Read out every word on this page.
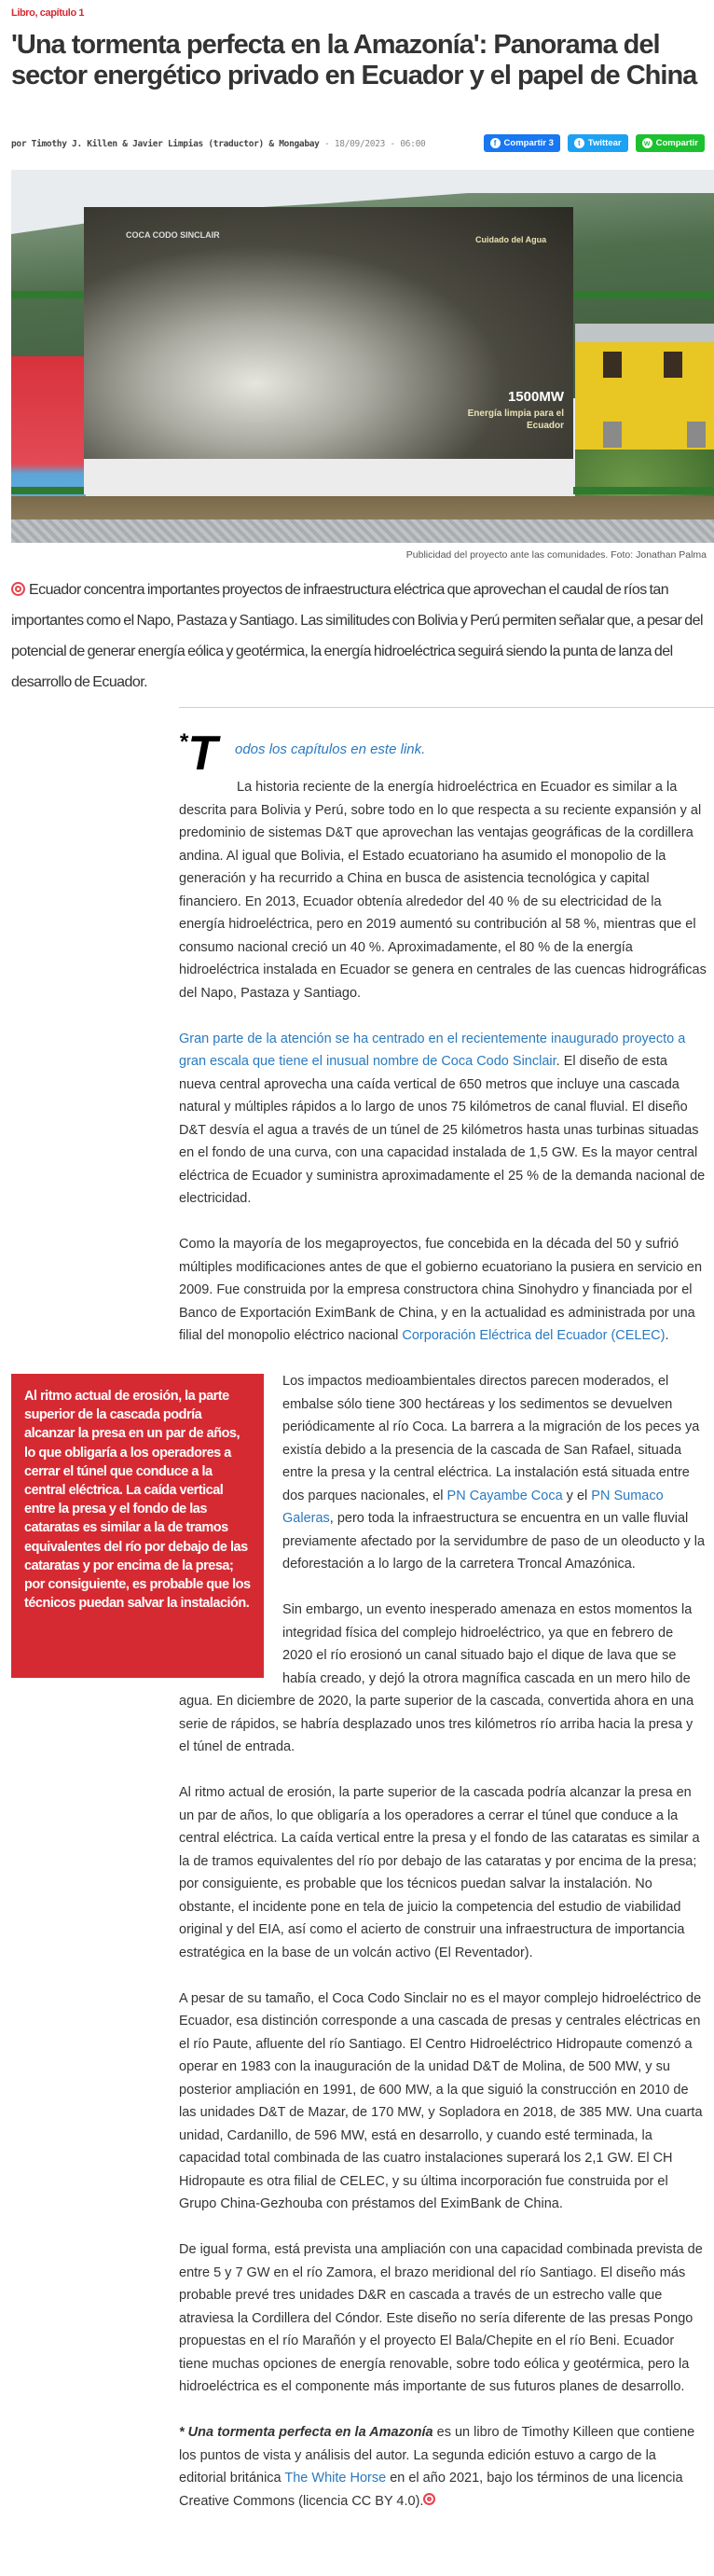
Libro, capítulo 1
'Una tormenta perfecta en la Amazonía': Panorama del sector energético privado en Ecuador y el papel de China
por Timothy J. Killen & Javier Limpias (traductor) & Mongabay - 18/09/2023 - 06:00	f Compartir 3	t Twittear	w Compartir
COCA CODO SINCLAIR	Cuidado del Agua
1500MW
Energía limpia para el Ecuador
Publicidad del proyecto ante las comunidades. Foto: Jonathan Palma

Ecuador concentra importantes proyectos de infraestructura eléctrica que aprovechan el caudal de ríos tan importantes como el Napo, Pastaza y Santiago. Las similitudes con Bolivia y Perú permiten señalar que, a pesar del potencial de generar energía eólica y geotérmica, la energía hidroeléctrica seguirá siendo la punta de lanza del desarrollo de Ecuador.

*T odos los capítulos en este link.

La historia reciente de la energía hidroeléctrica en Ecuador es similar a la descrita para Bolivia y Perú, sobre todo en lo que respecta a su reciente expansión y al predominio de sistemas D&T que aprovechan las ventajas geográficas de la cordillera andina. Al igual que Bolivia, el Estado ecuatoriano ha asumido el monopolio de la generación y ha recurrido a China en busca de asistencia tecnológica y capital financiero. En 2013, Ecuador obtenía alrededor del 40 % de su electricidad de la energía hidroeléctrica, pero en 2019 aumentó su contribución al 58 %, mientras que el consumo nacional creció un 40 %. Aproximadamente, el 80 % de la energía hidroeléctrica instalada en Ecuador se genera en centrales de las cuencas hidrográficas del Napo, Pastaza y Santiago.

Gran parte de la atención se ha centrado en el recientemente inaugurado proyecto a gran escala que tiene el inusual nombre de Coca Codo Sinclair. El diseño de esta nueva central aprovecha una caída vertical de 650 metros que incluye una cascada natural y múltiples rápidos a lo largo de unos 75 kilómetros de canal fluvial. El diseño D&T desvía el agua a través de un túnel de 25 kilómetros hasta unas turbinas situadas en el fondo de una curva, con una capacidad instalada de 1,5 GW. Es la mayor central eléctrica de Ecuador y suministra aproximadamente el 25 % de la demanda nacional de electricidad.

Como la mayoría de los megaproyectos, fue concebida en la década del 50 y sufrió múltiples modificaciones antes de que el gobierno ecuatoriano la pusiera en servicio en 2009. Fue construida por la empresa constructora china Sinohydro y financiada por el Banco de Exportación EximBank de China, y en la actualidad es administrada por una filial del monopolio eléctrico nacional Corporación Eléctrica del Ecuador (CELEC).

Al ritmo actual de erosión, la parte superior de la cascada podría alcanzar la presa en un par de años, lo que obligaría a los operadores a cerrar el túnel que conduce a la central eléctrica. La caída vertical entre la presa y el fondo de las cataratas es similar a la de tramos equivalentes del río por debajo de las cataratas y por encima de la presa; por consiguiente, es probable que los técnicos puedan salvar la instalación.

Los impactos medioambientales directos parecen moderados, el embalse sólo tiene 300 hectáreas y los sedimentos se devuelven periódicamente al río Coca. La barrera a la migración de los peces ya existía debido a la presencia de la cascada de San Rafael, situada entre la presa y la central eléctrica. La instalación está situada entre dos parques nacionales, el PN Cayambe Coca y el PN Sumaco Galeras, pero toda la infraestructura se encuentra en un valle fluvial previamente afectado por la servidumbre de paso de un oleoducto y la deforestación a lo largo de la carretera Troncal Amazónica.

Sin embargo, un evento inesperado amenaza en estos momentos la integridad física del complejo hidroeléctrico, ya que en febrero de 2020 el río erosionó un canal situado bajo el dique de lava que se había creado, y dejó la otrora magnífica cascada en un mero hilo de agua. En diciembre de 2020, la parte superior de la cascada, convertida ahora en una serie de rápidos, se habría desplazado unos tres kilómetros río arriba hacia la presa y el túnel de entrada.

Al ritmo actual de erosión, la parte superior de la cascada podría alcanzar la presa en un par de años, lo que obligaría a los operadores a cerrar el túnel que conduce a la central eléctrica. La caída vertical entre la presa y el fondo de las cataratas es similar a la de tramos equivalentes del río por debajo de las cataratas y por encima de la presa; por consiguiente, es probable que los técnicos puedan salvar la instalación. No obstante, el incidente pone en tela de juicio la competencia del estudio de viabilidad original y del EIA, así como el acierto de construir una infraestructura de importancia estratégica en la base de un volcán activo (El Reventador).

A pesar de su tamaño, el Coca Codo Sinclair no es el mayor complejo hidroeléctrico de Ecuador, esa distinción corresponde a una cascada de presas y centrales eléctricas en el río Paute, afluente del río Santiago. El Centro Hidroeléctrico Hidropaute comenzó a operar en 1983 con la inauguración de la unidad D&T de Molina, de 500 MW, y su posterior ampliación en 1991, de 600 MW, a la que siguió la construcción en 2010 de las unidades D&T de Mazar, de 170 MW, y Sopladora en 2018, de 385 MW. Una cuarta unidad, Cardanillo, de 596 MW, está en desarrollo, y cuando esté terminada, la capacidad total combinada de las cuatro instalaciones superará los 2,1 GW. El CH Hidropaute es otra filial de CELEC, y su última incorporación fue construida por el Grupo China-Gezhouba con préstamos del EximBank de China.

De igual forma, está prevista una ampliación con una capacidad combinada prevista de entre 5 y 7 GW en el río Zamora, el brazo meridional del río Santiago. El diseño más probable prevé tres unidades D&R en cascada a través de un estrecho valle que atraviesa la Cordillera del Cóndor. Este diseño no sería diferente de las presas Pongo propuestas en el río Marañón y el proyecto El Bala/Chepite en el río Beni. Ecuador tiene muchas opciones de energía renovable, sobre todo eólica y geotérmica, pero la hidroeléctrica es el componente más importante de sus futuros planes de desarrollo.

* Una tormenta perfecta en la Amazonía es un libro de Timothy Killeen que contiene los puntos de vista y análisis del autor. La segunda edición estuvo a cargo de la editorial británica The White Horse en el año 2021, bajo los términos de una licencia Creative Commons (licencia CC BY 4.0).
